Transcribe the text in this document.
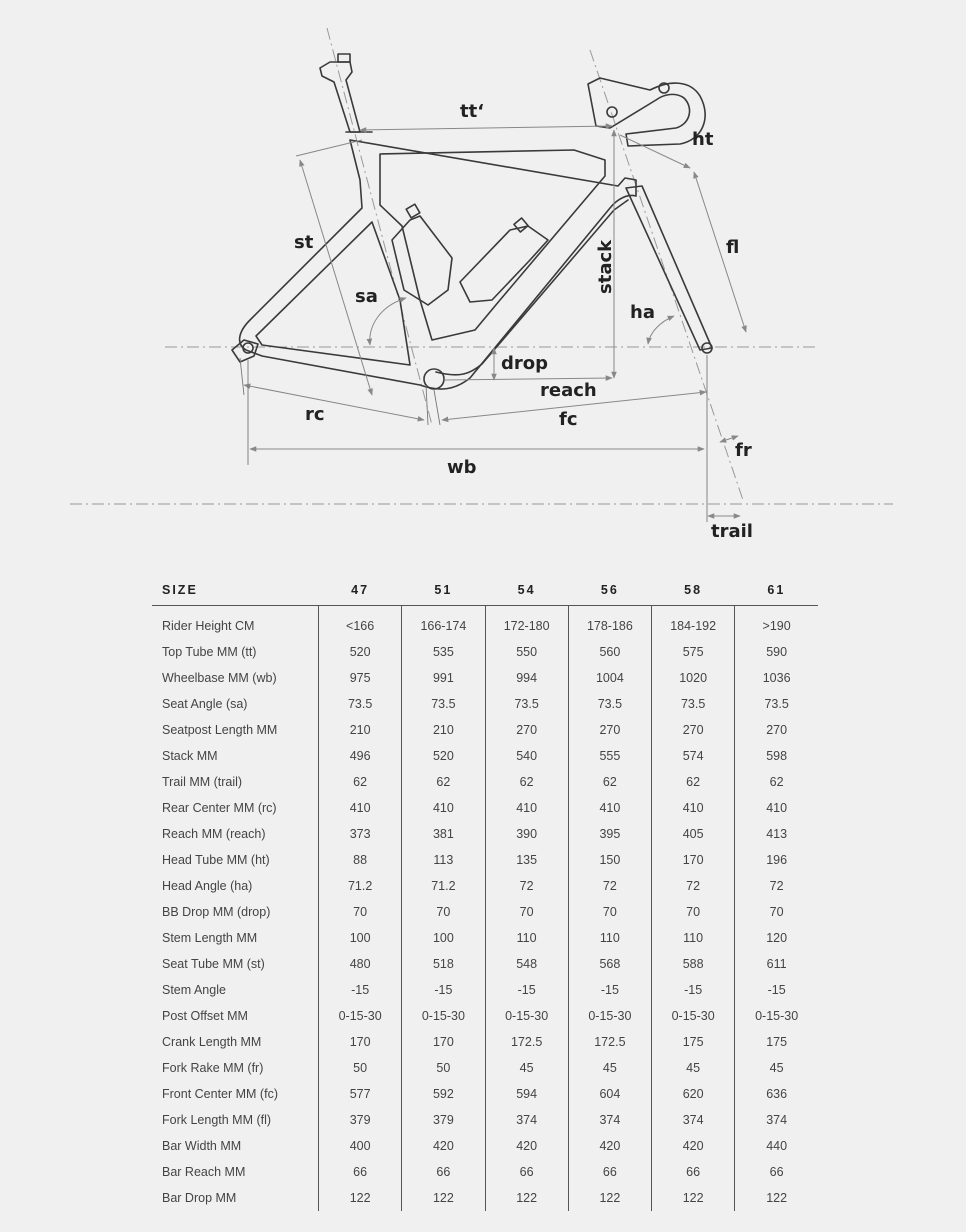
tt‘
ht
st	fl
stack
sa
ha
drop
reach
rc	fc
fr
wb
trail
SIZE	47	51	54	56	58	61
Rider Height CM	<166	166-174	172-180	178-186	184-192	>190
Top Tube MM (tt)	520	535	550	560	575	590
Wheelbase MM (wb)	975	991	994	1004	1020	1036
Seat Angle (sa)	73.5	73.5	73.5	73.5	73.5	73.5
Seatpost Length MM	210	210	270	270	270	270
Stack MM	496	520	540	555	574	598
Trail MM (trail)	62	62	62	62	62	62
Rear Center MM (rc)	410	410	410	410	410	410
Reach MM (reach)	373	381	390	395	405	413
Head Tube MM (ht)	88	113	135	150	170	196
Head Angle (ha)	71.2	71.2	72	72	72	72
BB Drop MM (drop)	70	70	70	70	70	70
Stem Length MM	100	100	110	110	110	120
Seat Tube MM (st)	480	518	548	568	588	611
Stem Angle	-15	-15	-15	-15	-15	-15
Post Offset MM	0-15-30	0-15-30	0-15-30	0-15-30	0-15-30	0-15-30
Crank Length MM	170	170	172.5	172.5	175	175
Fork Rake MM (fr)	50	50	45	45	45	45
Front Center MM (fc)	577	592	594	604	620	636
Fork Length MM (fl)	379	379	374	374	374	374
Bar Width MM	400	420	420	420	420	440
Bar Reach MM	66	66	66	66	66	66
Bar Drop MM	122	122	122	122	122	122
